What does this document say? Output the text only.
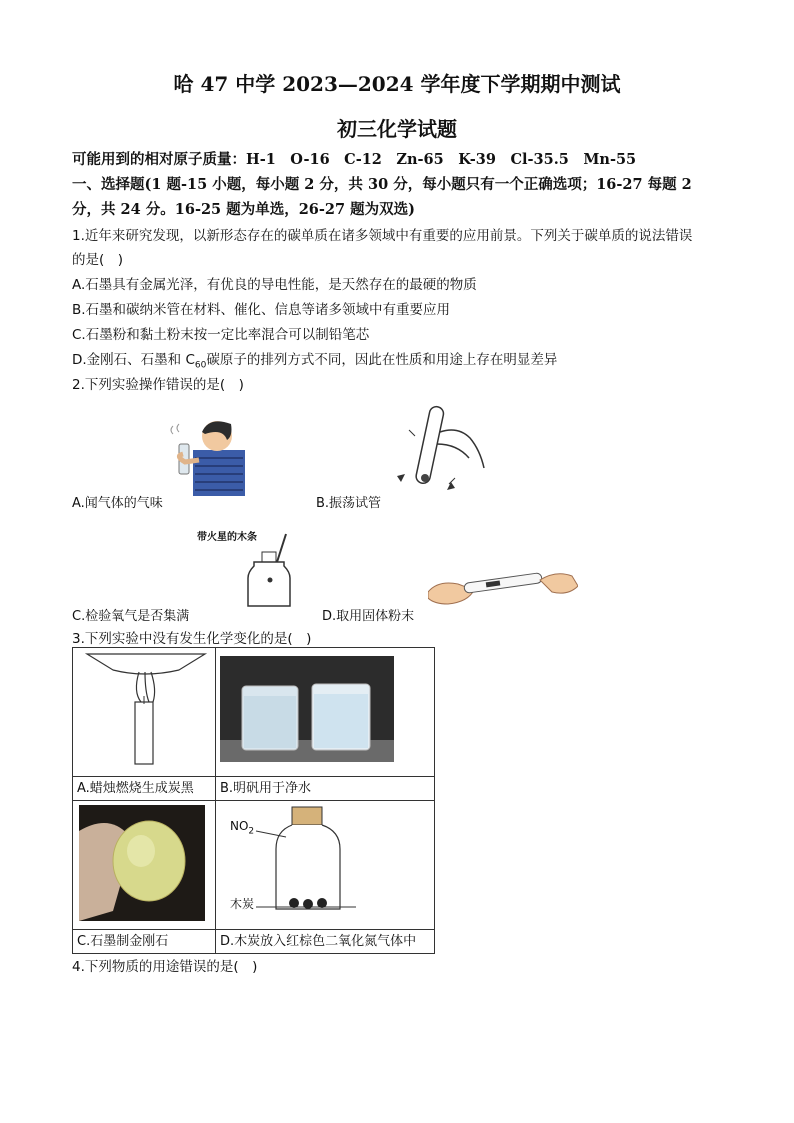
哈 47 中学 2023—2024 学年度下学期期中测试
初三化学试题
可能用到的相对原子质量：H-1　O-16　C-12　Zn-65　K-39　Cl-35.5　Mn-55
一、选择题(1 题-15 小题，每小题 2 分，共 30 分，每小题只有一个正确选项；16-27 每题 2
分，共 24 分。16-25 题为单选，26-27 题为双选)
1.近年来研究发现，以新形态存在的碳单质在诸多领域中有重要的应用前景。下列关于碳单质的说法错误
的是(　)
A.石墨具有金属光泽，有优良的导电性能，是天然存在的最硬的物质
B.石墨和碳纳米管在材料、催化、信息等诸多领域中有重要应用
C.石墨粉和黏土粉末按一定比率混合可以制铅笔芯
D.金刚石、石墨和 $C_{60}$碳原子的排列方式不同，因此在性质和用途上存在明显差异
2.下列实验操作错误的是(　)
A.闻气体的气味	B.振荡试管
带火星的木条
C.检验氧气是否集满	D.取用固体粉末
3.下列实验中没有发生化学变化的是(　)

A.蜡烛燃烧生成炭黑	B.明矾用于净水

$NO_2$
木炭

C.石墨制金刚石	D.木炭放入红棕色二氧化氮气体中
4.下列物质的用途错误的是(　)
